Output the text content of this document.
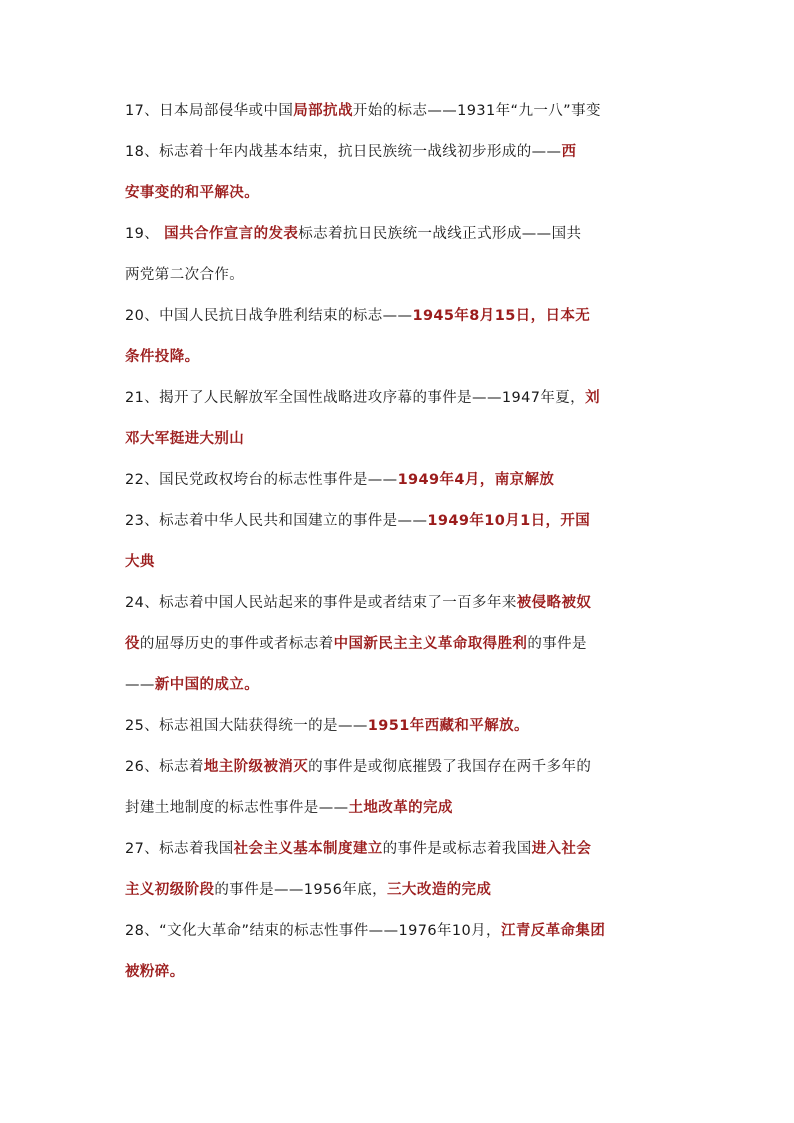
17、日本局部侵华或中国局部抗战开始的标志——1931年“九一八”事变
18、标志着十年内战基本结束，抗日民族统一战线初步形成的——西
安事变的和平解决。
19、 国共合作宣言的发表标志着抗日民族统一战线正式形成——国共
两党第二次合作。
20、中国人民抗日战争胜利结束的标志——1945年8月15日，日本无
条件投降。
21、揭开了人民解放军全国性战略进攻序幕的事件是——1947年夏，刘
邓大军挺进大别山
22、国民党政权垮台的标志性事件是——1949年4月，南京解放
23、标志着中华人民共和国建立的事件是——1949年10月1日，开国
大典
24、标志着中国人民站起来的事件是或者结束了一百多年来被侵略被奴
役的屈辱历史的事件或者标志着中国新民主主义革命取得胜利的事件是
——新中国的成立。
25、标志祖国大陆获得统一的是——1951年西藏和平解放。
26、标志着地主阶级被消灭的事件是或彻底摧毁了我国存在两千多年的
封建土地制度的标志性事件是——土地改革的完成
27、标志着我国社会主义基本制度建立的事件是或标志着我国进入社会
主义初级阶段的事件是——1956年底，三大改造的完成
28、“文化大革命”结束的标志性事件——1976年10月，江青反革命集团
被粉碎。
